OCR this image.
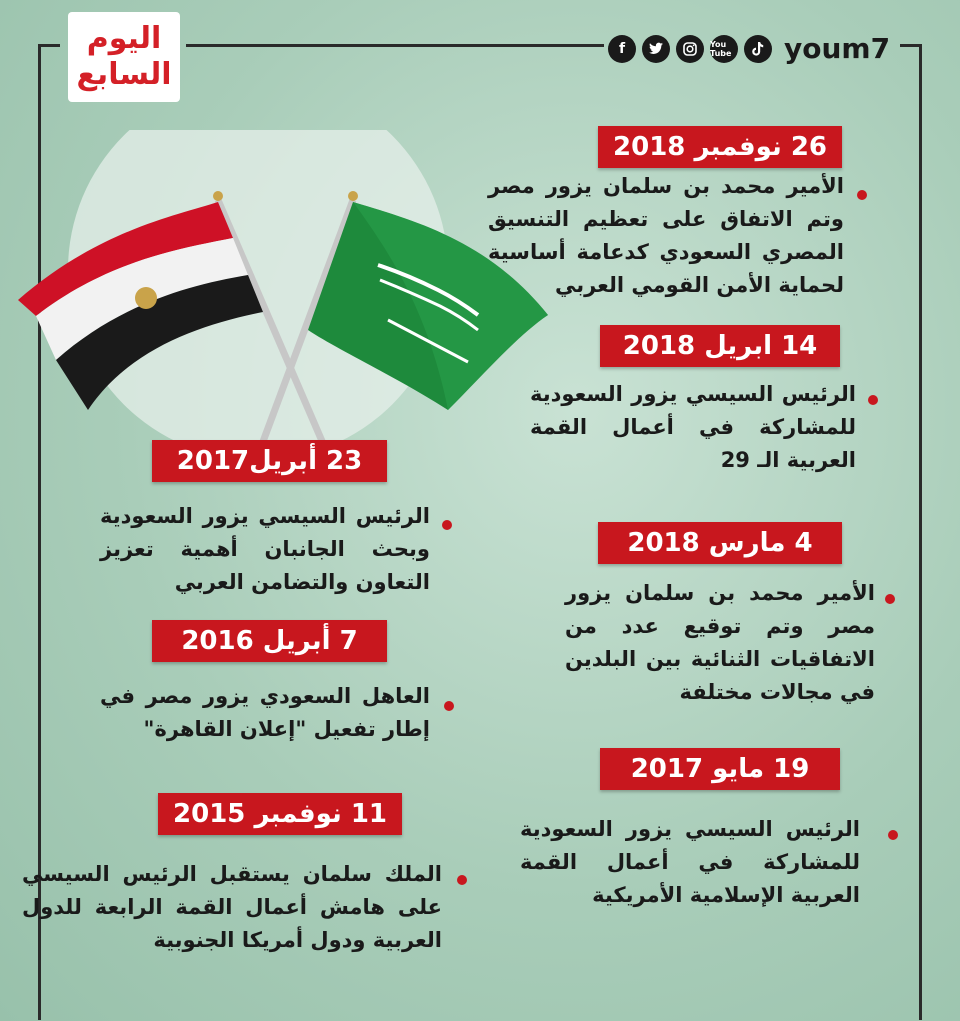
اليوم
السابع
f	You Tube youm7
26 نوفمبر 2018
الأمير محمد بن سلمان يزور مصر وتم الاتفاق على تعظيم التنسيق المصري السعودي كدعامة أساسية لحماية الأمن القومي العربي
14 ابريل 2018
الرئيس السيسي يزور السعودية للمشاركة في أعمال القمة العربية الـ 29
4 مارس 2018
الأمير محمد بن سلمان يزور مصر وتم توقيع عدد من الاتفاقيات الثنائية بين البلدين في مجالات مختلفة
19 مايو 2017
الرئيس السيسي يزور السعودية للمشاركة في أعمال القمة العربية الإسلامية الأمريكية
23 أبريل2017
الرئيس السيسي يزور السعودية وبحث الجانبان أهمية تعزيز التعاون والتضامن العربي
7 أبريل 2016
العاهل السعودي يزور مصر في إطار تفعيل "إعلان القاهرة"
11 نوفمبر 2015
الملك سلمان يستقبل الرئيس السيسي على هامش أعمال القمة الرابعة للدول العربية ودول أمريكا الجنوبية
